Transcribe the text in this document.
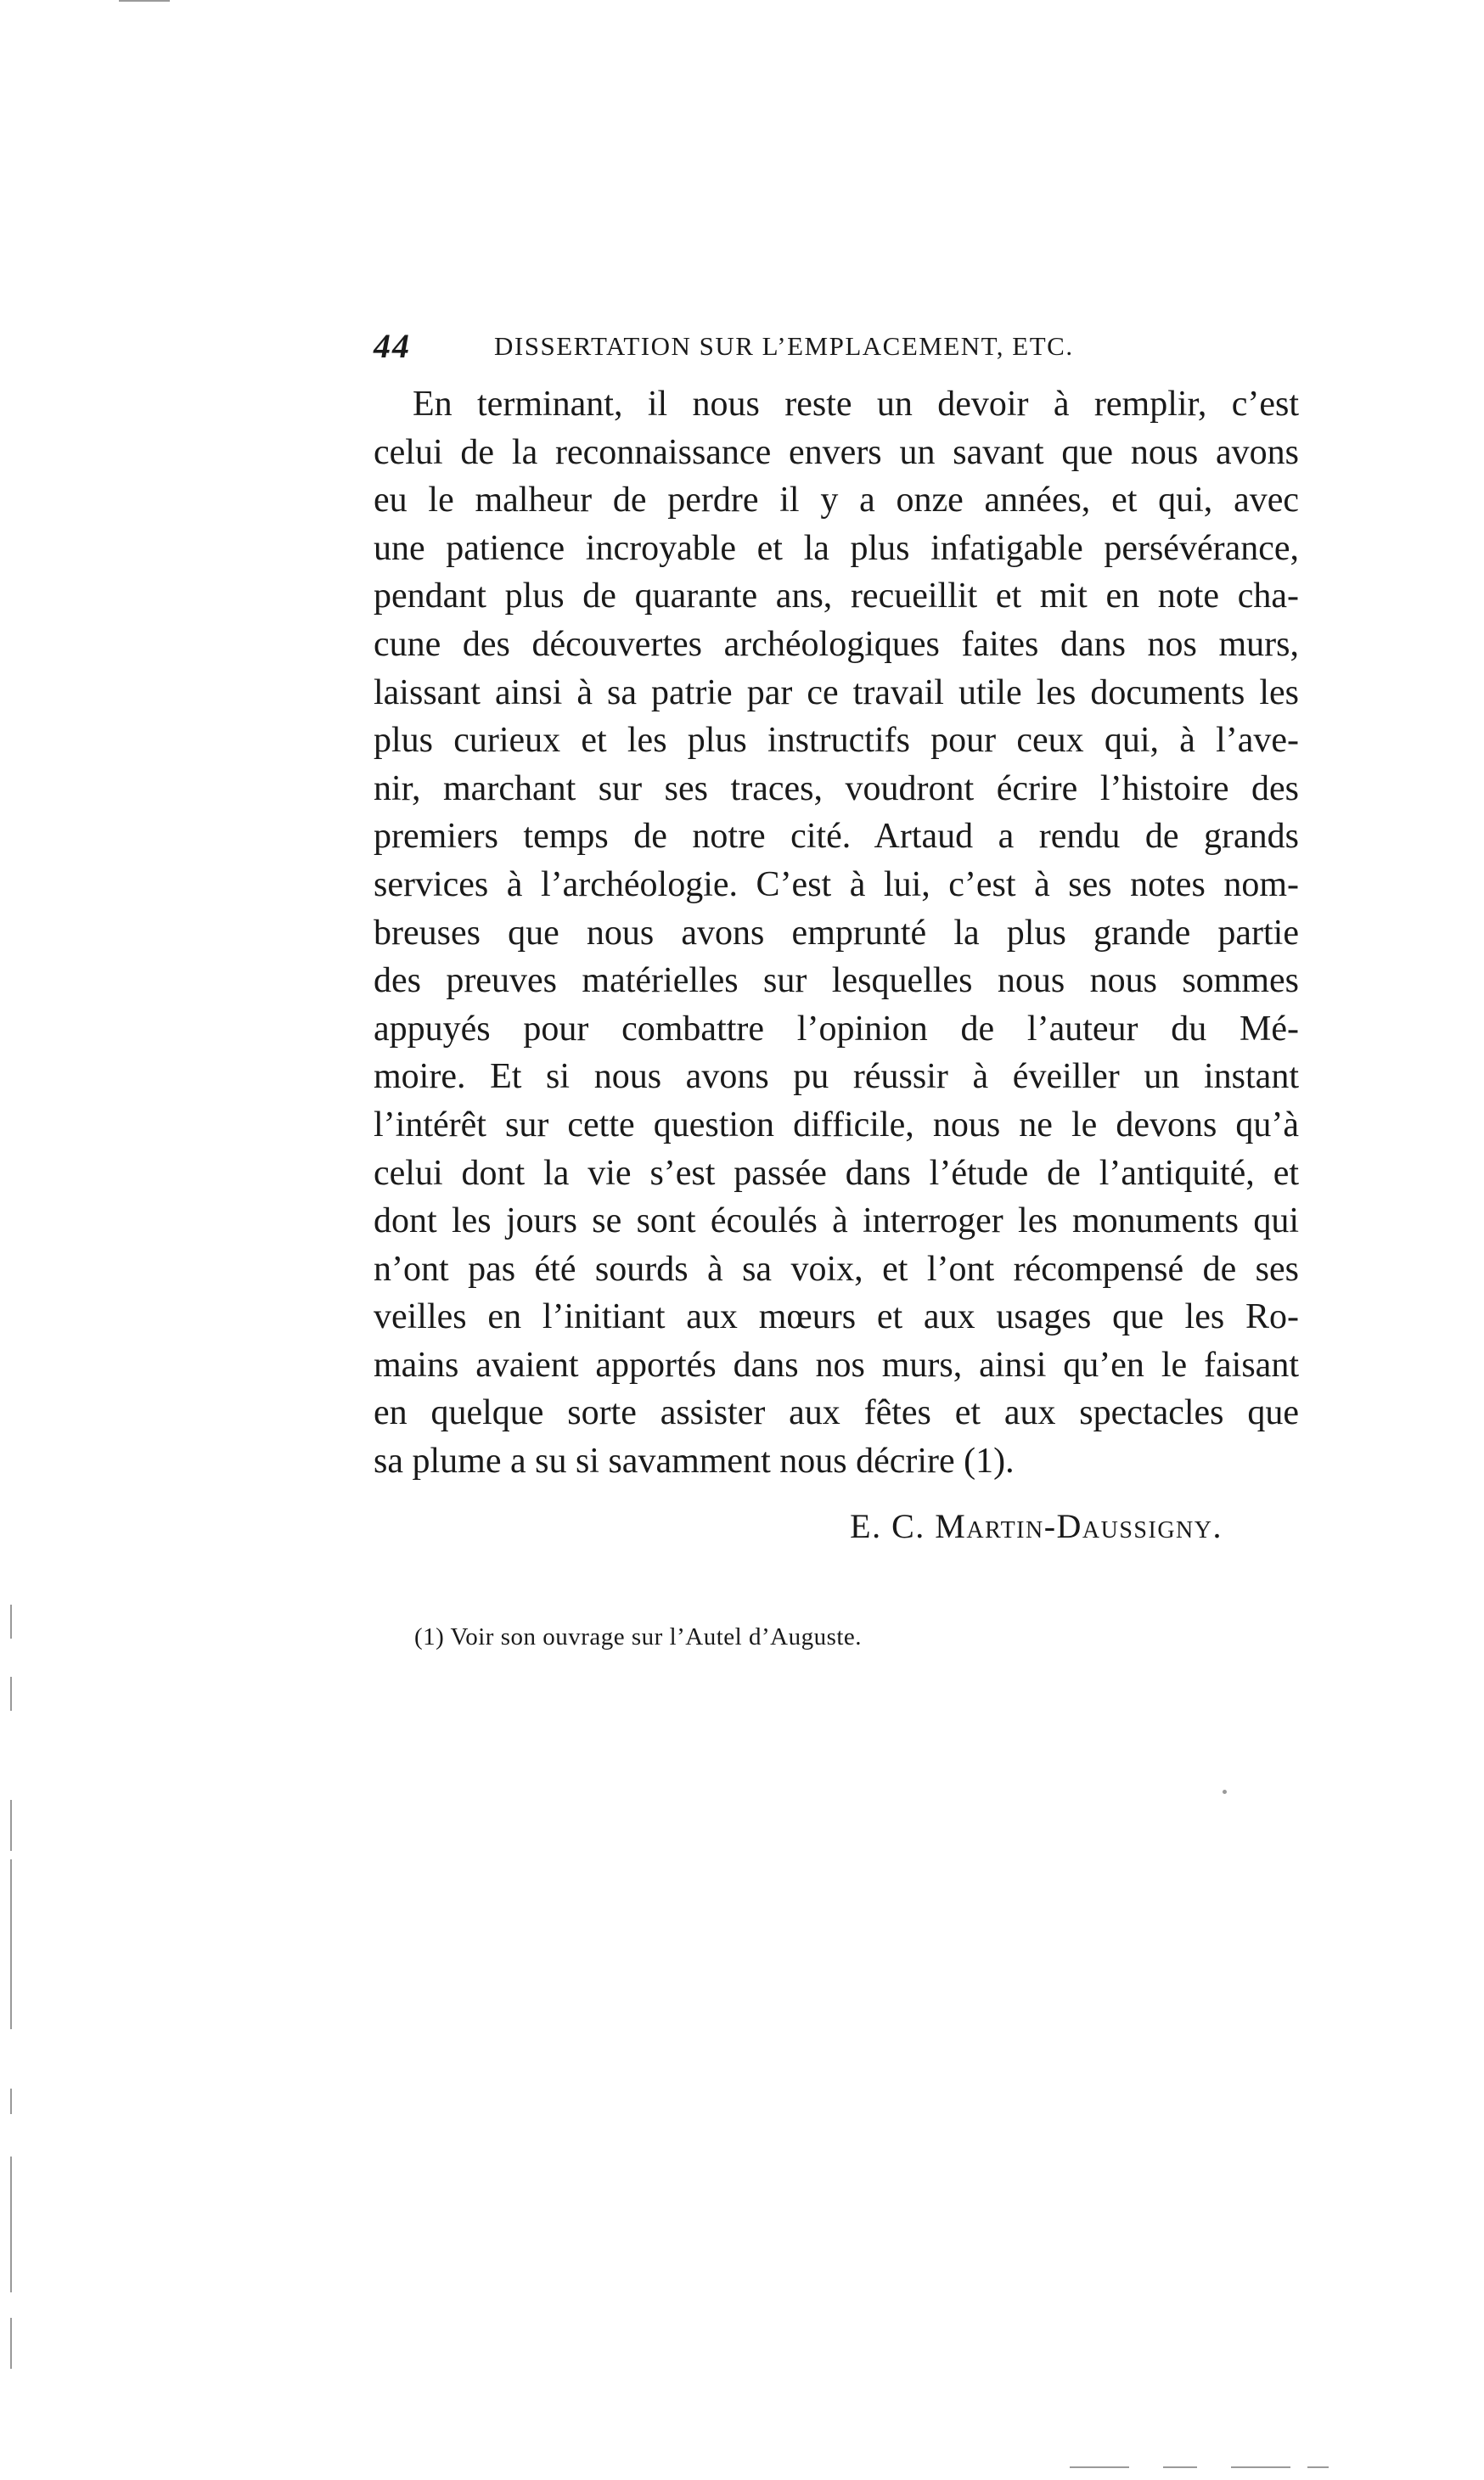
44	DISSERTATION SUR L’EMPLACEMENT, ETC.
En terminant, il nous reste un devoir à remplir, c’est
celui de la reconnaissance envers un savant que nous avons
eu le malheur de perdre il y a onze années, et qui, avec
une patience incroyable et la plus infatigable persévérance,
pendant plus de quarante ans, recueillit et mit en note cha-
cune des découvertes archéologiques faites dans nos murs,
laissant ainsi à sa patrie par ce travail utile les documents les
plus curieux et les plus instructifs pour ceux qui, à l’ave-
nir, marchant sur ses traces, voudront écrire l’histoire des
premiers temps de notre cité. Artaud a rendu de grands
services à l’archéologie. C’est à lui, c’est à ses notes nom-
breuses que nous avons emprunté la plus grande partie
des preuves matérielles sur lesquelles nous nous sommes
appuyés pour combattre l’opinion de l’auteur du Mé-
moire. Et si nous avons pu réussir à éveiller un instant
l’intérêt sur cette question difficile, nous ne le devons qu’à
celui dont la vie s’est passée dans l’étude de l’antiquité, et
dont les jours se sont écoulés à interroger les monuments qui
n’ont pas été sourds à sa voix, et l’ont récompensé de ses
veilles en l’initiant aux mœurs et aux usages que les Ro-
mains avaient apportés dans nos murs, ainsi qu’en le faisant
en quelque sorte assister aux fêtes et aux spectacles que
sa plume a su si savamment nous décrire (1).
E. C. Martin-Daussigny.
(1) Voir son ouvrage sur l’Autel d’Auguste.
